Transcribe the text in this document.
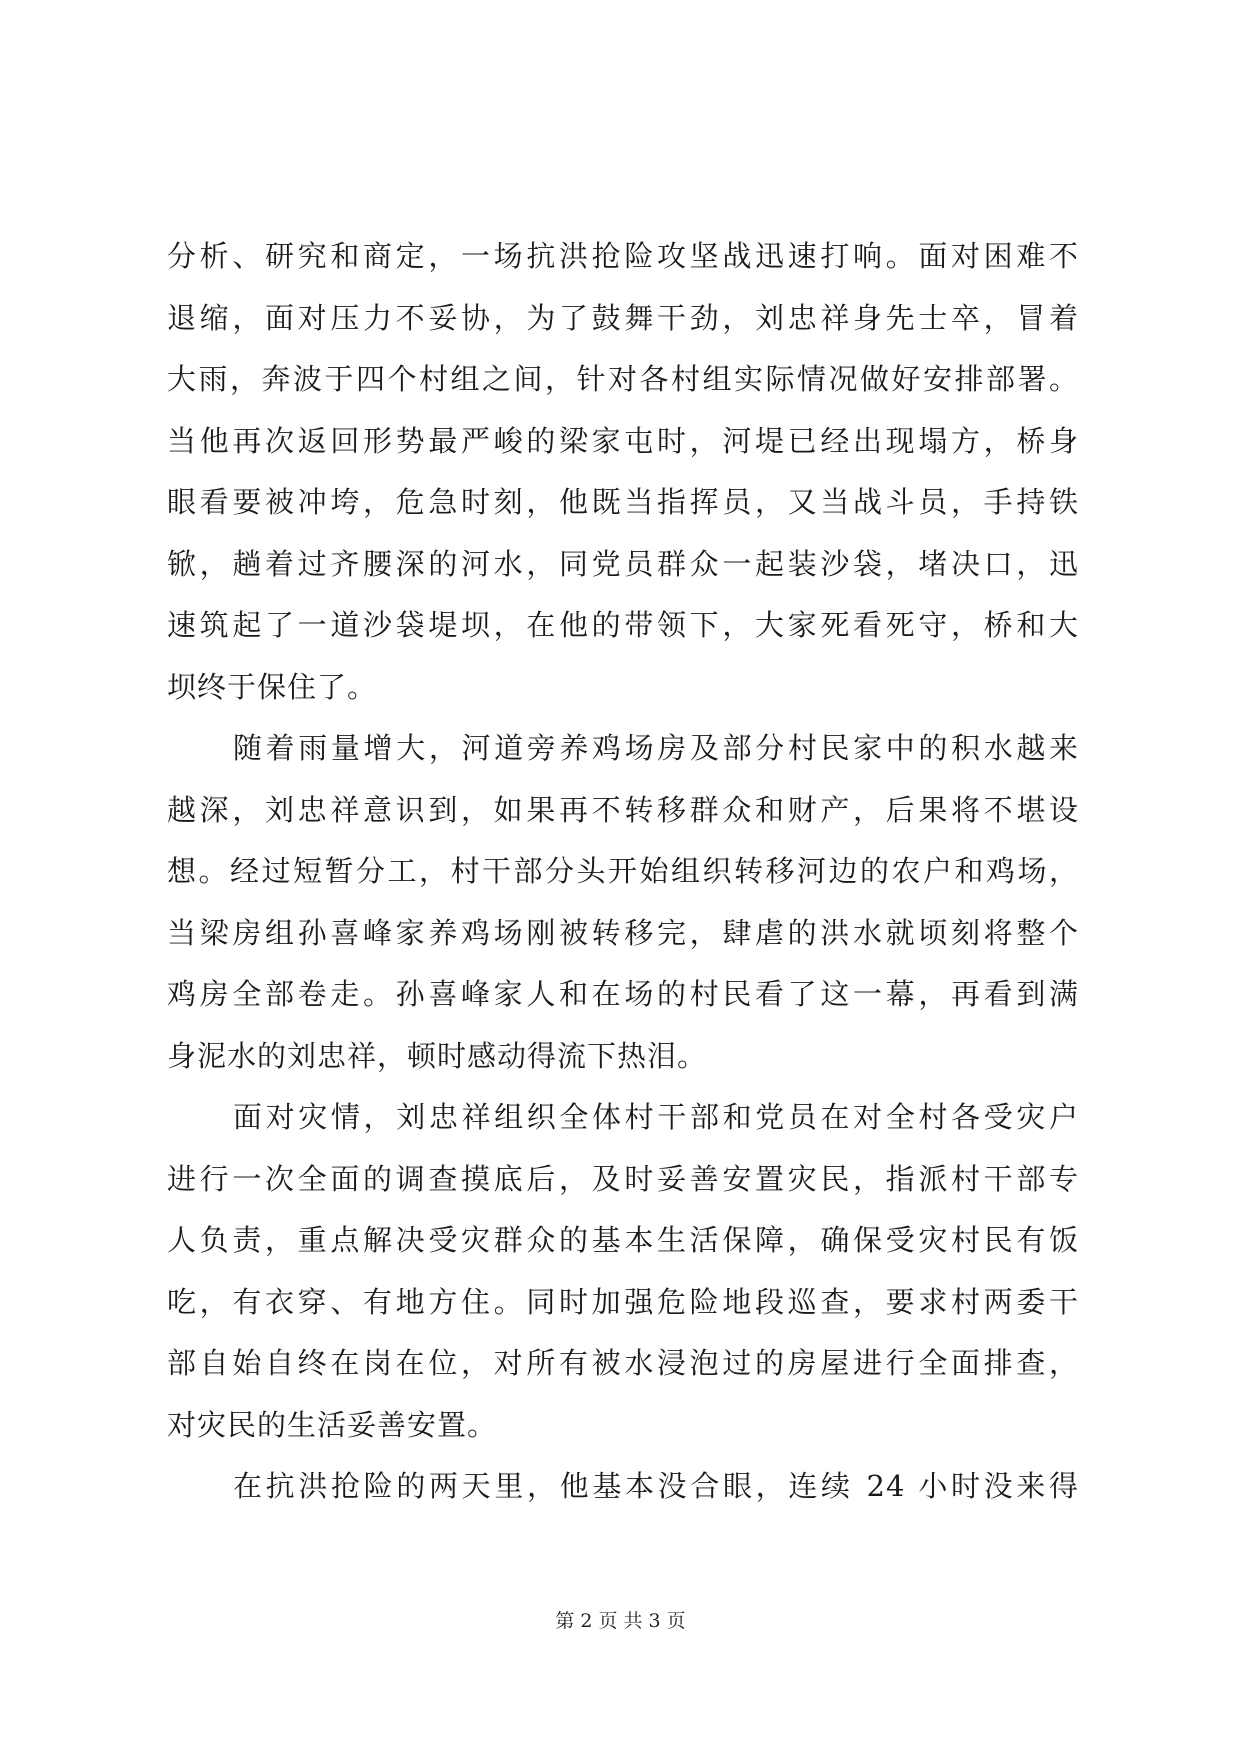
分析、研究和商定，一场抗洪抢险攻坚战迅速打响。面对困难不
退缩，面对压力不妥协，为了鼓舞干劲，刘忠祥身先士卒，冒着
大雨，奔波于四个村组之间，针对各村组实际情况做好安排部署。
当他再次返回形势最严峻的梁家屯时，河堤已经出现塌方，桥身
眼看要被冲垮，危急时刻，他既当指挥员，又当战斗员，手持铁
锨，趟着过齐腰深的河水，同党员群众一起装沙袋，堵决口，迅
速筑起了一道沙袋堤坝，在他的带领下，大家死看死守，桥和大
坝终于保住了。
随着雨量增大，河道旁养鸡场房及部分村民家中的积水越来
越深，刘忠祥意识到，如果再不转移群众和财产，后果将不堪设
想。经过短暂分工，村干部分头开始组织转移河边的农户和鸡场，
当梁房组孙喜峰家养鸡场刚被转移完，肆虐的洪水就顷刻将整个
鸡房全部卷走。孙喜峰家人和在场的村民看了这一幕，再看到满
身泥水的刘忠祥，顿时感动得流下热泪。
面对灾情，刘忠祥组织全体村干部和党员在对全村各受灾户
进行一次全面的调查摸底后，及时妥善安置灾民，指派村干部专
人负责，重点解决受灾群众的基本生活保障，确保受灾村民有饭
吃，有衣穿、有地方住。同时加强危险地段巡查，要求村两委干
部自始自终在岗在位，对所有被水浸泡过的房屋进行全面排查，
对灾民的生活妥善安置。
在抗洪抢险的两天里，他基本没合眼，连续 24 小时没来得
第 2 页 共 3 页
